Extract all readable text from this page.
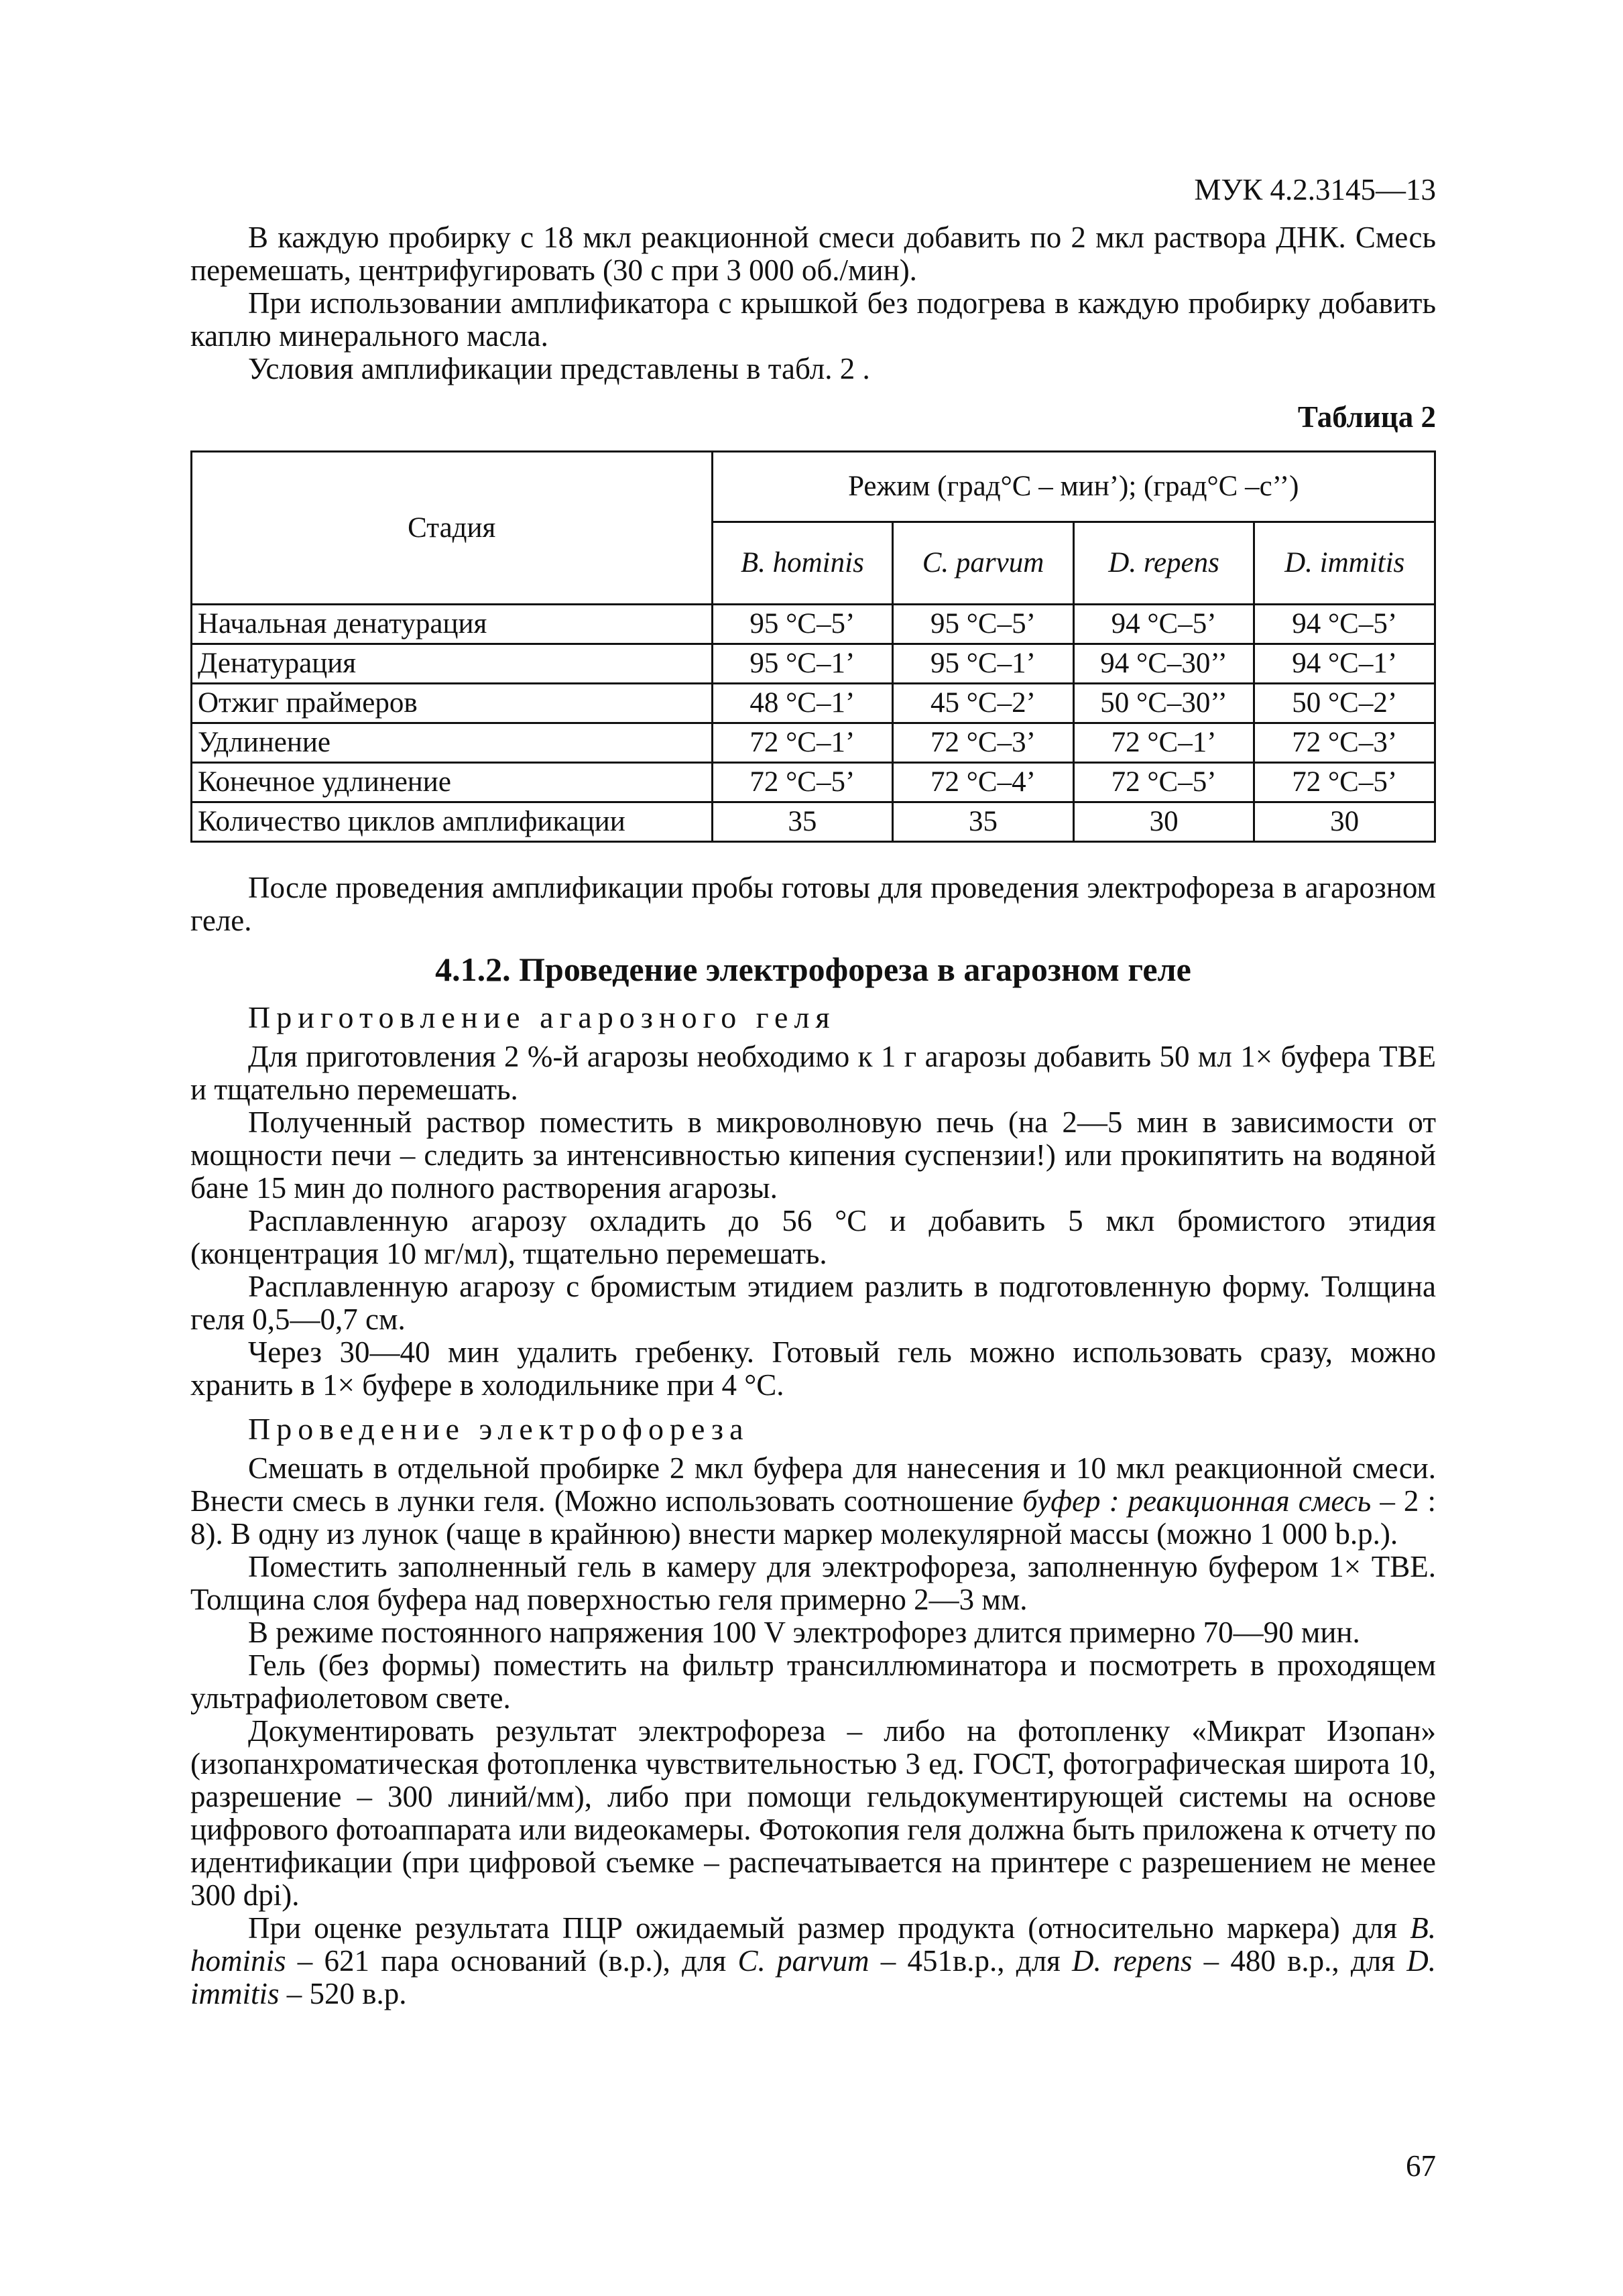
МУК 4.2.3145—13

В каждую пробирку с 18 мкл реакционной смеси добавить по 2 мкл раствора ДНК. Смесь перемешать, центрифугировать (30 с при 3 000 об./мин).

При использовании амплификатора с крышкой без подогрева в каждую пробирку добавить каплю минерального масла.

Условия амплификации представлены в табл. 2 .

Таблица 2
Стадия	Режим (град°С – мин’); (град°С –с’’)			
	B. hominis	C. parvum	D. repens	D. immitis
Начальная денатурация	95 °С–5’	95 °С–5’	94 °С–5’	94 °С–5’
Денатурация	95 °С–1’	95 °С–1’	94 °С–30’’	94 °С–1’
Отжиг праймеров	48 °С–1’	45 °С–2’	50 °С–30’’	50 °С–2’
Удлинение	72 °С–1’	72 °С–3’	72 °С–1’	72 °С–3’
Конечное удлинение	72 °С–5’	72 °С–4’	72 °С–5’	72 °С–5’
Количество циклов амплификации	35	35	30	30

После проведения амплификации пробы готовы для проведения электрофореза в агарозном геле.

4.1.2. Проведение электрофореза в агарозном геле
Приготовление агарозного геля

Для приготовления 2 %-й агарозы необходимо к 1 г агарозы добавить 50 мл 1× буфера ТВЕ и тщательно перемешать.

Полученный раствор поместить в микроволновую печь (на 2—5 мин в зависимости от мощности печи – следить за интенсивностью кипения суспензии!) или прокипятить на водяной бане 15 мин до полного растворения агарозы.

Расплавленную агарозу охладить до 56 °С и добавить 5 мкл бромистого этидия (концентрация 10 мг/мл), тщательно перемешать.

Расплавленную агарозу с бромистым этидием разлить в подготовленную форму. Толщина геля 0,5—0,7 см.

Через 30—40 мин удалить гребенку. Готовый гель можно использовать сразу, можно хранить в 1× буфере в холодильнике при 4 °С.

Проведение электрофореза

Смешать в отдельной пробирке 2 мкл буфера для нанесения и 10 мкл реакционной смеси. Внести смесь в лунки геля. (Можно использовать соотношение буфер : реакционная смесь – 2 : 8). В одну из лунок (чаще в крайнюю) внести маркер молекулярной массы (можно 1 000 b.p.).

Поместить заполненный гель в камеру для электрофореза, заполненную буфером 1× ТВЕ. Толщина слоя буфера над поверхностью геля примерно 2—3 мм.

В режиме постоянного напряжения 100 V электрофорез длится примерно 70—90 мин.

Гель (без формы) поместить на фильтр трансиллюминатора и посмотреть в проходящем ультрафиолетовом свете.

Документировать результат электрофореза – либо на фотопленку «Микрат Изопан» (изопанхроматическая фотопленка чувствительностью 3 ед. ГОСТ, фотографическая широта 10, разрешение – 300 линий/мм), либо при помощи гельдокументирующей системы на основе цифрового фотоаппарата или видеокамеры. Фотокопия геля должна быть приложена к отчету по идентификации (при цифровой съемке – распечатывается на принтере с разрешением не менее 300 dpi).

При оценке результата ПЦР ожидаемый размер продукта (относительно маркера) для B. hominis – 621 пара оснований (в.р.), для C. parvum – 451в.р., для D. repens – 480 в.р., для D. immitis – 520 в.р.

67
